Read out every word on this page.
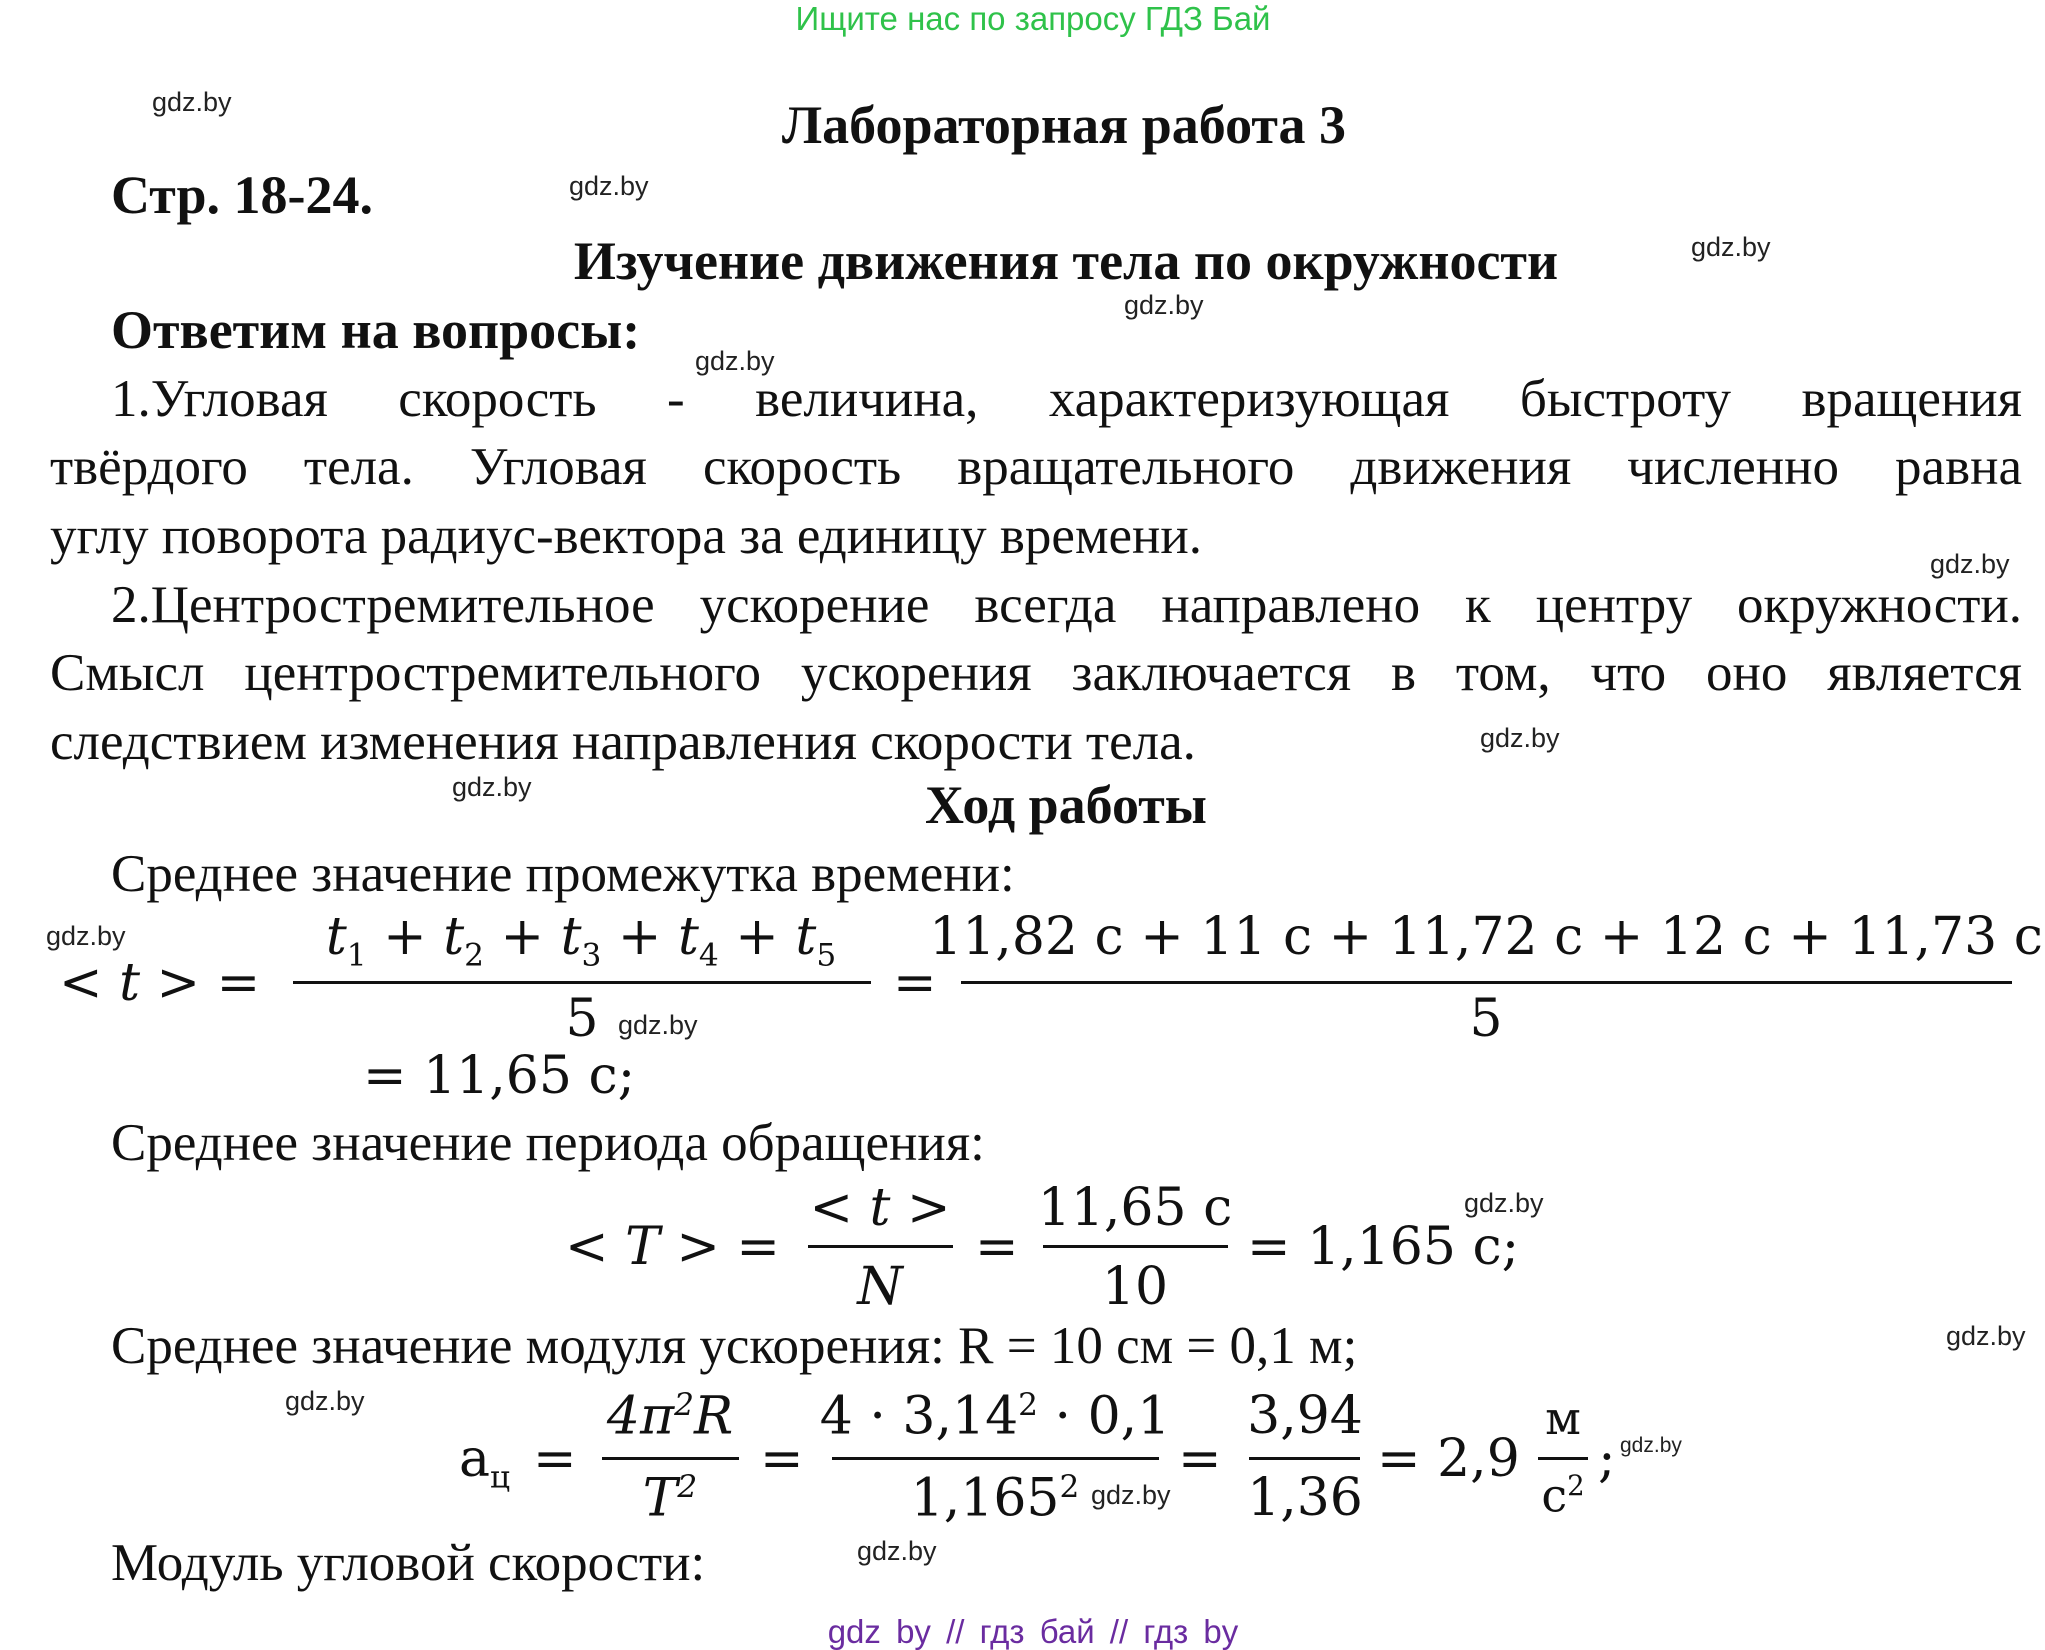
Ищите нас по запросу ГДЗ Бай
gdz.by
gdz.by
gdz.by
gdz.by
gdz.by
gdz.by
gdz.by
gdz.by
gdz.by
gdz.by
gdz.by
gdz.by
gdz.by
gdz.by
gdz.by
gdz.by
Лабораторная работа 3
Стр. 18-24.
Изучение движения тела по окружности
Ответим на вопросы:
1.Угловая скорость - величина, характеризующая быстроту вращения
твёрдого тела. Угловая скорость вращательного движения численно равна
углу поворота радиус-вектора за единицу времени.
2.Центростремительное ускорение всегда направлено к центру окружности.
Смысл центростремительного ускорения заключается в том, что оно является
следствием изменения направления скорости тела.
Ход работы
Среднее значение промежутка времени:
< t > =
$t_1 + t_2 + t_3 + t_4 + t_5$
5
=
11,82 c + 11 c + 11,72 c + 12 c + 11,73 c
5
= 11,65 c;
Среднее значение периода обращения:
< T > =
< t >
N
=
11,65 c
10
= 1,165 c;
Среднее значение модуля ускорения: R = 10 см = 0,1 м;
$a_ц$ =
$4\pi^2R$
$T^2$ =
$4 \cdot 3,14^2 \cdot 0,1$
$1,165^2$ =
3,94
1,36
= 2,9
м
$с^2$ ;
Модуль угловой скорости:
gdz by // гдз бай // гдз by
